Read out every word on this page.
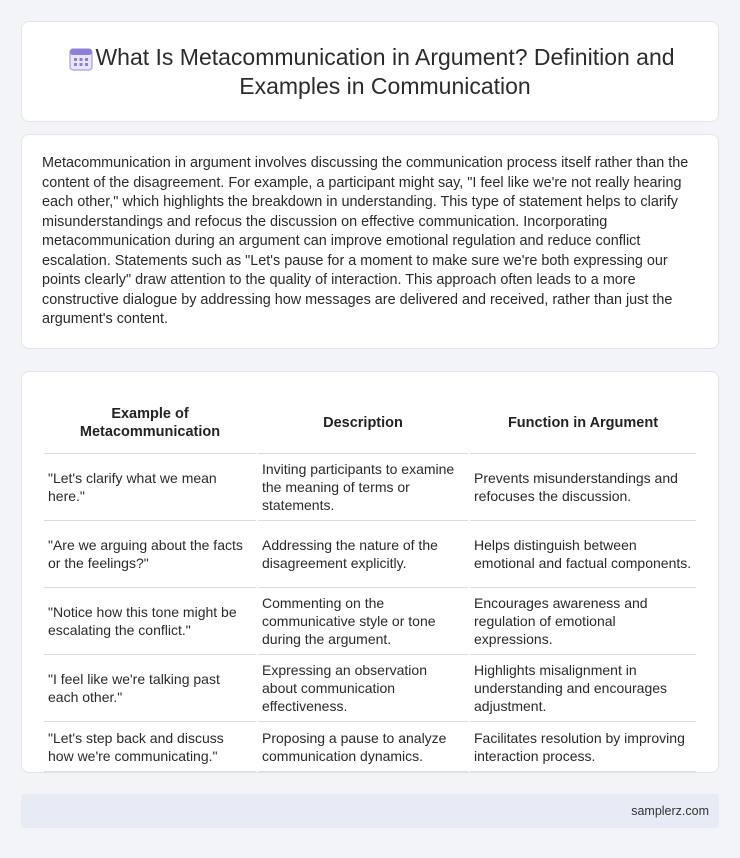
What Is Metacommunication in Argument? Definition and Examples in Communication

Metacommunication in argument involves discussing the communication process itself rather than the content of the disagreement. For example, a participant might say, "I feel like we're not really hearing each other," which highlights the breakdown in understanding. This type of statement helps to clarify misunderstandings and refocus the discussion on effective communication. Incorporating metacommunication during an argument can improve emotional regulation and reduce conflict escalation. Statements such as "Let's pause for a moment to make sure we're both expressing our points clearly" draw attention to the quality of interaction. This approach often leads to a more constructive dialogue by addressing how messages are delivered and received, rather than just the argument's content.

Example of Metacommunication	Description	Function in Argument
"Let's clarify what we mean here."	Inviting participants to examine the meaning of terms or statements.	Prevents misunderstandings and refocuses the discussion.
"Are we arguing about the facts or the feelings?"	Addressing the nature of the disagreement explicitly.	Helps distinguish between emotional and factual components.
"Notice how this tone might be escalating the conflict."	Commenting on the communicative style or tone during the argument.	Encourages awareness and regulation of emotional expressions.
"I feel like we're talking past each other."	Expressing an observation about communication effectiveness.	Highlights misalignment in understanding and encourages adjustment.
"Let's step back and discuss how we're communicating."	Proposing a pause to analyze communication dynamics.	Facilitates resolution by improving interaction process.
samplerz.com
